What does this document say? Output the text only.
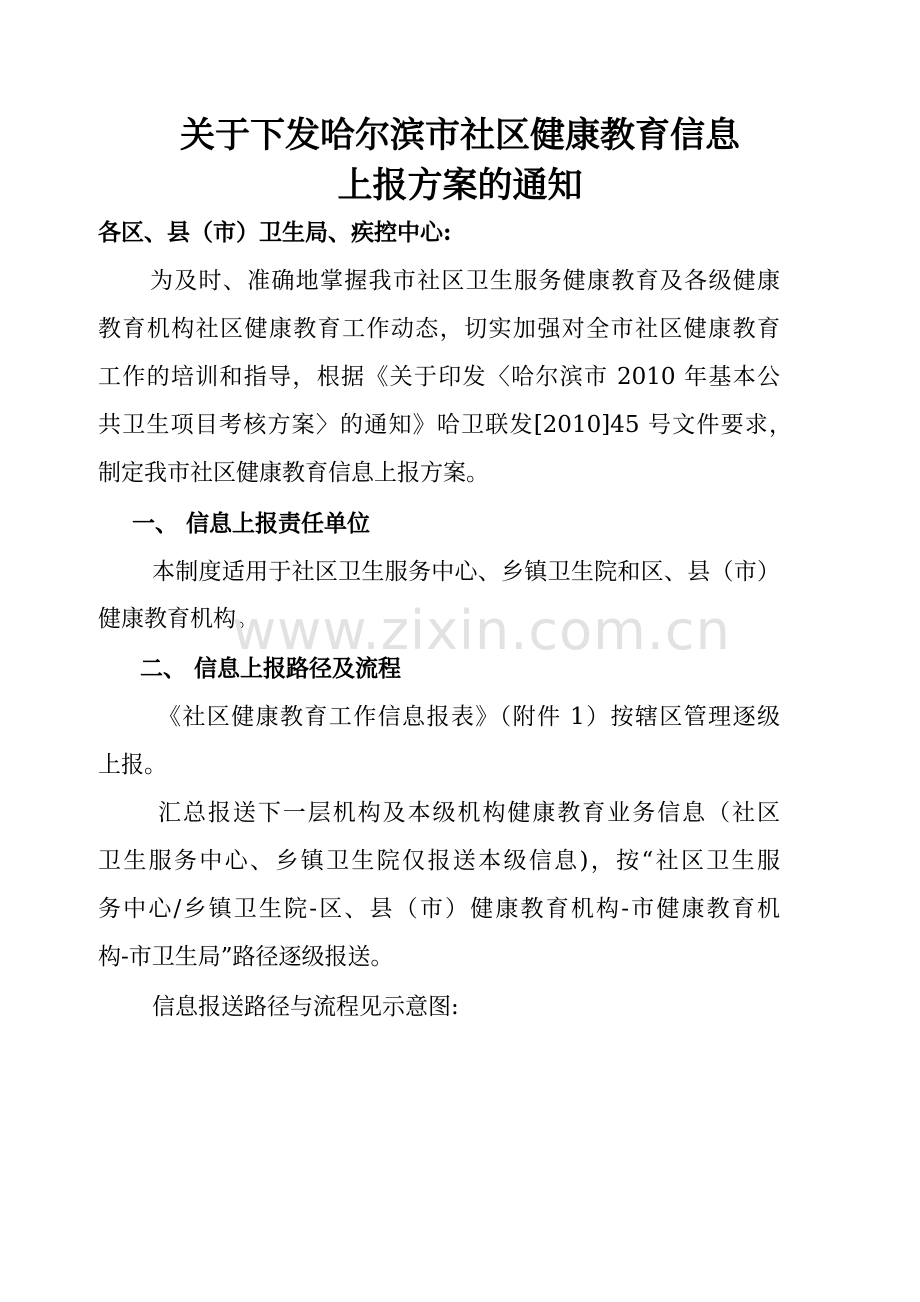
关于下发哈尔滨市社区健康教育信息
上报方案的通知
各区、县（市）卫生局、疾控中心:
为及时、准确地掌握我市社区卫生服务健康教育及各级健康
教育机构社区健康教育工作动态，切实加强对全市社区健康教育
工作的培训和指导，根据《关于印发〈哈尔滨市 2010 年基本公
共卫生项目考核方案〉的通知》哈卫联发[2010]45 号文件要求，
制定我市社区健康教育信息上报方案。
一、 信息上报责任单位
本制度适用于社区卫生服务中心、乡镇卫生院和区、县（市）
健康教育机构。
www.zixin.com.cn
二、 信息上报路径及流程
《社区健康教育工作信息报表》（附件 1）按辖区管理逐级
上报。
汇总报送下一层机构及本级机构健康教育业务信息（社区
卫生服务中心、乡镇卫生院仅报送本级信息)，按“社区卫生服
务中心/乡镇卫生院-区、县（市）健康教育机构-市健康教育机
构-市卫生局”路径逐级报送。
信息报送路径与流程见示意图:
